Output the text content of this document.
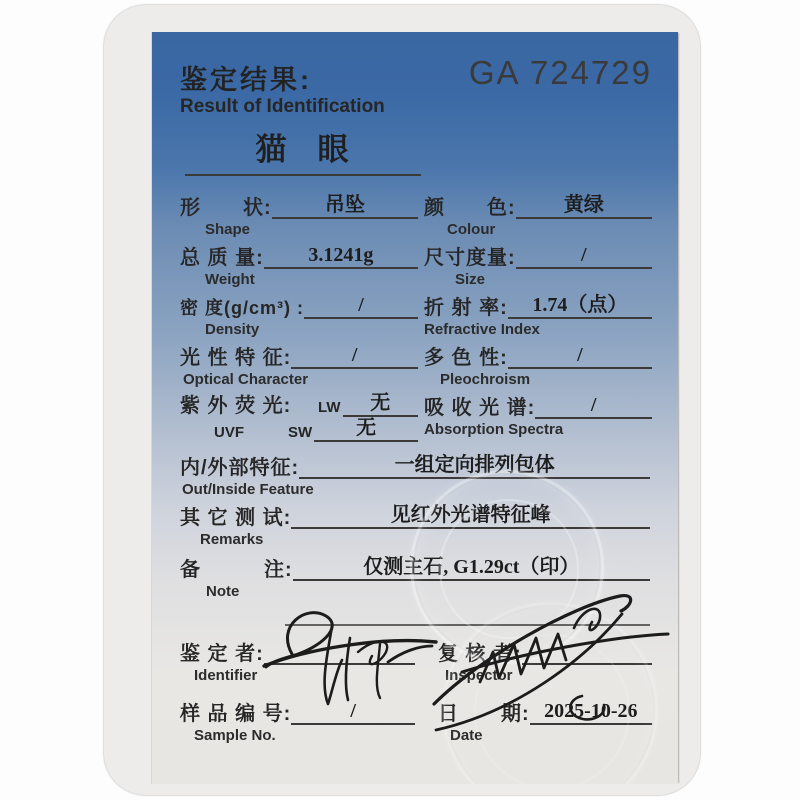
鉴定结果:
Result of Identification
GA 724729
猫　眼
形　　状:	吊坠
Shape
颜　　色: 黄绿
Colour
总 质 量: 3.1241g
Weight
尺寸度量:	/
Size
密 度(g/cm³) :	/
Density
折 射 率: 1.74（点）
Refractive Index
光 性 特 征:	/
Optical Character
多 色 性:	/
Pleochroism
紫 外 荧 光:	LW 无
UVF	SW 无
吸 收 光 谱:	/
Absorption Spectra
内/外部特征:	一组定向排列包体
Out/Inside Feature
其 它 测 试:	见红外光谱特征峰
Remarks
备　　　注:	仅测主石, G1.29ct（印）
Note
鉴 定 者:
Identifier
复 核 者:
Inspector
样 品 编 号:	/
Sample No.
日　　期: 2025-10-26
Date
